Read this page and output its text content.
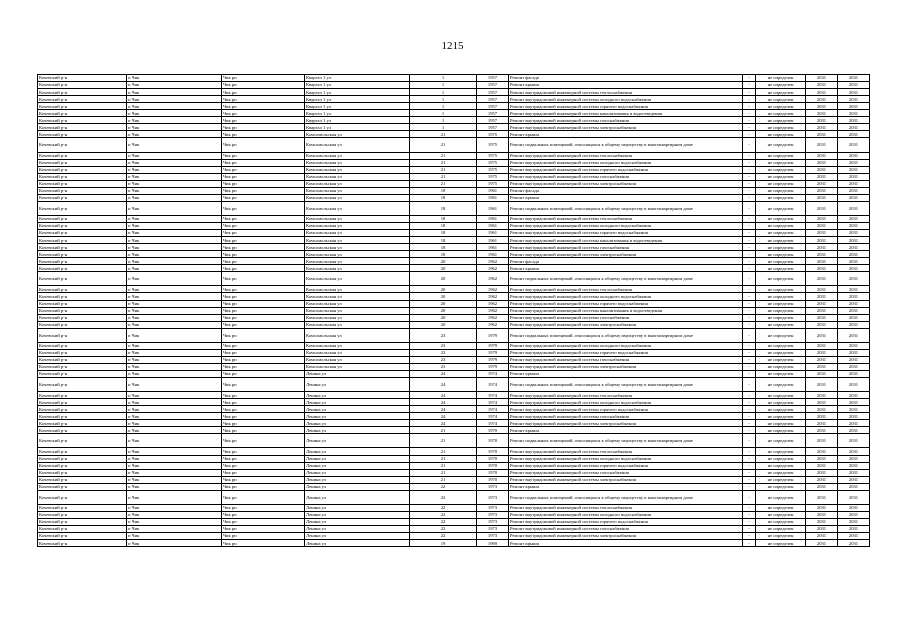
1215
Кочевский р-н	п Чик	Чик рп	Квартал 1 ул	1	1957	Ремонт фасада	-	не определен	2031	2031
Кочевский р-н	п Чик	Чик рп	Квартал 1 ул	1	1957	Ремонт крыши	-	не определен	2031	2031
Кочевский р-н	п Чик	Чик рп	Квартал 1 ул	1	1957	Ремонт внутридомовой инженерной системы теплоснабжения	-	не определен	2031	2031
Кочевский р-н	п Чик	Чик рп	Квартал 1 ул	1	1957	Ремонт внутридомовой инженерной системы холодного водоснабжения	-	не определен	2031	2031
Кочевский р-н	п Чик	Чик рп	Квартал 1 ул	1	1957	Ремонт внутридомовой инженерной системы горячего водоснабжения	-	не определен	2031	2031
Кочевский р-н	п Чик	Чик рп	Квартал 1 ул	1	1957	Ремонт внутридомовой инженерной системы канализования и водоотведения	-	не определен	2031	2031
Кочевский р-н	п Чик	Чик рп	Квартал 1 ул	1	1957	Ремонт внутридомовой инженерной системы газоснабжения	-	не определен	2031	2031
Кочевский р-н	п Чик	Чик рп	Квартал 1 ул	1	1957	Ремонт внутридомовой инженерной системы электроснабжения	-	не определен	2031	2031
Кочевский р-н	п Чик	Чик рп	Комсомольская ул	21	1975	Ремонт крыши	-	не определен	2031	2031
Кочевский р-н	п Чик	Чик рп	Комсомольская ул	21	1975	Ремонт подвальных помещений, относящихся к общему имуществу в многоквартирном доме	-	не определен	2031	2031
Кочевский р-н	п Чик	Чик рп	Комсомольская ул	21	1975	Ремонт внутридомовой инженерной системы теплоснабжения	-	не определен	2031	2031
Кочевский р-н	п Чик	Чик рп	Комсомольская ул	21	1975	Ремонт внутридомовой инженерной системы холодного водоснабжения	-	не определен	2031	2031
Кочевский р-н	п Чик	Чик рп	Комсомольская ул	21	1975	Ремонт внутридомовой инженерной системы горячего водоснабжения	-	не определен	2031	2031
Кочевский р-н	п Чик	Чик рп	Комсомольская ул	21	1975	Ремонт внутридомовой инженерной системы газоснабжения	-	не определен	2031	2031
Кочевский р-н	п Чик	Чик рп	Комсомольская ул	21	1975	Ремонт внутридомовой инженерной системы электроснабжения	-	не определен	2031	2031
Кочевский р-н	п Чик	Чик рп	Комсомольская ул	18	1961	Ремонт фасада	-	не определен	2031	2031
Кочевский р-н	п Чик	Чик рп	Комсомольская ул	18	1961	Ремонт крыши	-	не определен	2031	2031
Кочевский р-н	п Чик	Чик рп	Комсомольская ул	18	1961	Ремонт подвальных помещений, относящихся к общему имуществу в многоквартирном доме	-	не определен	2031	2031
Кочевский р-н	п Чик	Чик рп	Комсомольская ул	18	1961	Ремонт внутридомовой инженерной системы теплоснабжения	-	не определен	2031	2031
Кочевский р-н	п Чик	Чик рп	Комсомольская ул	18	1961	Ремонт внутридомовой инженерной системы холодного водоснабжения	-	не определен	2031	2031
Кочевский р-н	п Чик	Чик рп	Комсомольская ул	18	1961	Ремонт внутридомовой инженерной системы горячего водоснабжения	-	не определен	2031	2031
Кочевский р-н	п Чик	Чик рп	Комсомольская ул	18	1961	Ремонт внутридомовой инженерной системы канализования и водоотведения	-	не определен	2031	2031
Кочевский р-н	п Чик	Чик рп	Комсомольская ул	18	1961	Ремонт внутридомовой инженерной системы газоснабжения	-	не определен	2031	2031
Кочевский р-н	п Чик	Чик рп	Комсомольская ул	18	1961	Ремонт внутридомовой инженерной системы электроснабжения	-	не определен	2031	2031
Кочевский р-н	п Чик	Чик рп	Комсомольская ул	20	1962	Ремонт фасада	-	не определен	2031	2031
Кочевский р-н	п Чик	Чик рп	Комсомольская ул	20	1962	Ремонт крыши	-	не определен	2031	2031
Кочевский р-н	п Чик	Чик рп	Комсомольская ул	20	1962	Ремонт подвальных помещений, относящихся к общему имуществу в многоквартирном доме	-	не определен	2031	2031
Кочевский р-н	п Чик	Чик рп	Комсомольская ул	20	1962	Ремонт внутридомовой инженерной системы теплоснабжения	-	не определен	2031	2031
Кочевский р-н	п Чик	Чик рп	Комсомольская ул	20	1962	Ремонт внутридомовой инженерной системы холодного водоснабжения	-	не определен	2031	2031
Кочевский р-н	п Чик	Чик рп	Комсомольская ул	20	1962	Ремонт внутридомовой инженерной системы горячего водоснабжения	-	не определен	2031	2031
Кочевский р-н	п Чик	Чик рп	Комсомольская ул	20	1962	Ремонт внутридомовой инженерной системы канализования и водоотведения	-	не определен	2031	2031
Кочевский р-н	п Чик	Чик рп	Комсомольская ул	20	1962	Ремонт внутридомовой инженерной системы газоснабжения	-	не определен	2031	2031
Кочевский р-н	п Чик	Чик рп	Комсомольская ул	20	1962	Ремонт внутридомовой инженерной системы электроснабжения	-	не определен	2031	2031
Кочевский р-н	п Чик	Чик рп	Комсомольская ул	23	1979	Ремонт подвальных помещений, относящихся к общему имуществу в многоквартирном доме	-	не определен	2031	2031
Кочевский р-н	п Чик	Чик рп	Комсомольская ул	23	1979	Ремонт внутридомовой инженерной системы холодного водоснабжения	-	не определен	2031	2031
Кочевский р-н	п Чик	Чик рп	Комсомольская ул	23	1979	Ремонт внутридомовой инженерной системы горячего водоснабжения	-	не определен	2031	2031
Кочевский р-н	п Чик	Чик рп	Комсомольская ул	23	1979	Ремонт внутридомовой инженерной системы газоснабжения	-	не определен	2031	2031
Кочевский р-н	п Чик	Чик рп	Комсомольская ул	23	1979	Ремонт внутридомовой инженерной системы электроснабжения	-	не определен	2031	2031
Кочевский р-н	п Чик	Чик рп	Ленина ул	24	1974	Ремонт крыши	-	не определен	2031	2031
Кочевский р-н	п Чик	Чик рп	Ленина ул	24	1974	Ремонт подвальных помещений, относящихся к общему имуществу в многоквартирном доме	-	не определен	2031	2031
Кочевский р-н	п Чик	Чик рп	Ленина ул	24	1974	Ремонт внутридомовой инженерной системы теплоснабжения	-	не определен	2031	2031
Кочевский р-н	п Чик	Чик рп	Ленина ул	24	1974	Ремонт внутридомовой инженерной системы холодного водоснабжения	-	не определен	2031	2031
Кочевский р-н	п Чик	Чик рп	Ленина ул	24	1974	Ремонт внутридомовой инженерной системы горячего водоснабжения	-	не определен	2031	2031
Кочевский р-н	п Чик	Чик рп	Ленина ул	24	1974	Ремонт внутридомовой инженерной системы газоснабжения	-	не определен	2031	2031
Кочевский р-н	п Чик	Чик рп	Ленина ул	24	1974	Ремонт внутридомовой инженерной системы электроснабжения	-	не определен	2031	2031
Кочевский р-н	п Чик	Чик рп	Ленина ул	21	1970	Ремонт крыши	-	не определен	2031	2031
Кочевский р-н	п Чик	Чик рп	Ленина ул	21	1970	Ремонт подвальных помещений, относящихся к общему имуществу в многоквартирном доме	-	не определен	2031	2031
Кочевский р-н	п Чик	Чик рп	Ленина ул	21	1970	Ремонт внутридомовой инженерной системы теплоснабжения	-	не определен	2031	2031
Кочевский р-н	п Чик	Чик рп	Ленина ул	21	1970	Ремонт внутридомовой инженерной системы холодного водоснабжения	-	не определен	2031	2031
Кочевский р-н	п Чик	Чик рп	Ленина ул	21	1970	Ремонт внутридомовой инженерной системы горячего водоснабжения	-	не определен	2031	2031
Кочевский р-н	п Чик	Чик рп	Ленина ул	21	1970	Ремонт внутридомовой инженерной системы газоснабжения	-	не определен	2031	2031
Кочевский р-н	п Чик	Чик рп	Ленина ул	21	1970	Ремонт внутридомовой инженерной системы электроснабжения	-	не определен	2031	2031
Кочевский р-н	п Чик	Чик рп	Ленина ул	22	1973	Ремонт крыши	-	не определен	2031	2031
Кочевский р-н	п Чик	Чик рп	Ленина ул	22	1973	Ремонт подвальных помещений, относящихся к общему имуществу в многоквартирном доме	-	не определен	2031	2031
Кочевский р-н	п Чик	Чик рп	Ленина ул	22	1973	Ремонт внутридомовой инженерной системы теплоснабжения	-	не определен	2031	2031
Кочевский р-н	п Чик	Чик рп	Ленина ул	22	1973	Ремонт внутридомовой инженерной системы холодного водоснабжения	-	не определен	2031	2031
Кочевский р-н	п Чик	Чик рп	Ленина ул	22	1973	Ремонт внутридомовой инженерной системы горячего водоснабжения	-	не определен	2031	2031
Кочевский р-н	п Чик	Чик рп	Ленина ул	22	1973	Ремонт внутридомовой инженерной системы газоснабжения	-	не определен	2031	2031
Кочевский р-н	п Чик	Чик рп	Ленина ул	22	1973	Ремонт внутридомовой инженерной системы электроснабжения	-	не определен	2031	2031
Кочевский р-н	п Чик	Чик рп	Ленина ул	19	1969	Ремонт крыши	-	не определен	2031	2031
